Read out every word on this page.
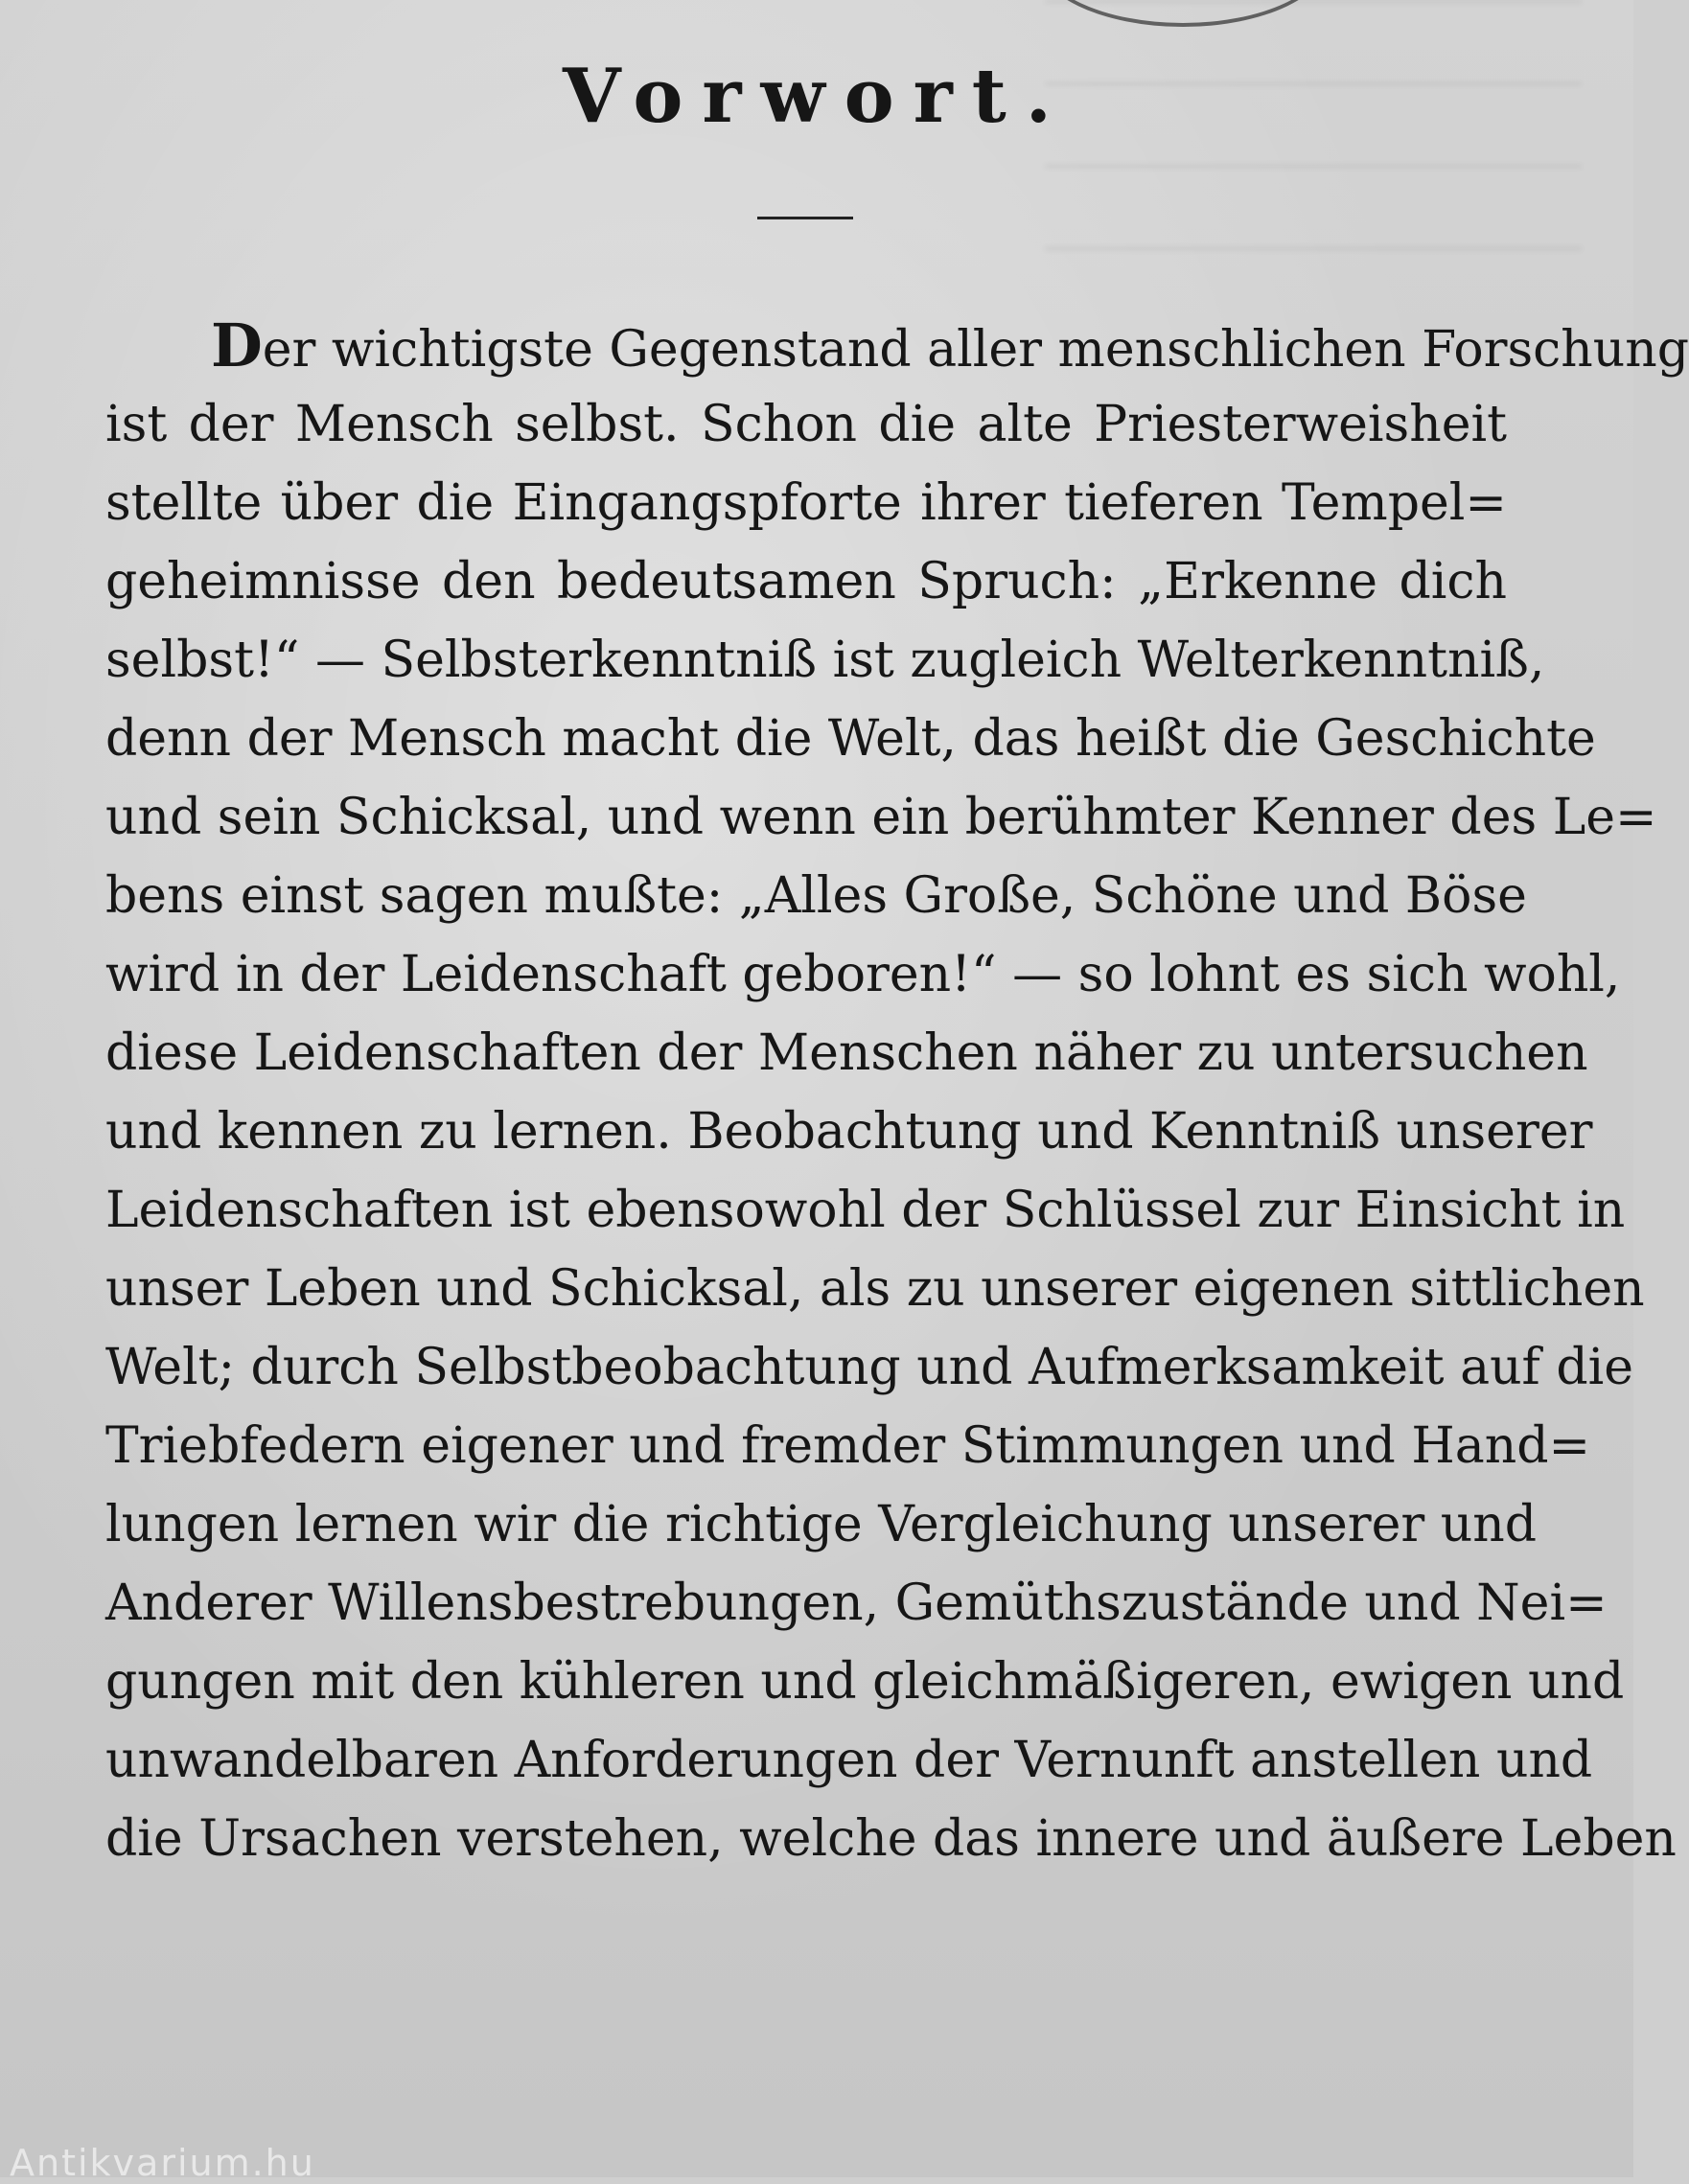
Vorwort.
Der wichtigste Gegenstand aller menschlichen Forschung
ist der Mensch selbst. Schon die alte Priesterweisheit
stellte über die Eingangspforte ihrer tieferen Tempel=
geheimnisse den bedeutsamen Spruch: „Erkenne dich
selbst!“ — Selbsterkenntniß ist zugleich Welterkenntniß,
denn der Mensch macht die Welt, das heißt die Geschichte
und sein Schicksal, und wenn ein berühmter Kenner des Le=
bens einst sagen mußte: „Alles Große, Schöne und Böse
wird in der Leidenschaft geboren!“ — so lohnt es sich wohl,
diese Leidenschaften der Menschen näher zu untersuchen
und kennen zu lernen. Beobachtung und Kenntniß unserer
Leidenschaften ist ebensowohl der Schlüssel zur Einsicht in
unser Leben und Schicksal, als zu unserer eigenen sittlichen
Welt; durch Selbstbeobachtung und Aufmerksamkeit auf die
Triebfedern eigener und fremder Stimmungen und Hand=
lungen lernen wir die richtige Vergleichung unserer und
Anderer Willensbestrebungen, Gemüthszustände und Nei=
gungen mit den kühleren und gleichmäßigeren, ewigen und
unwandelbaren Anforderungen der Vernunft anstellen und
die Ursachen verstehen, welche das innere und äußere Leben
Antikvarium.hu
